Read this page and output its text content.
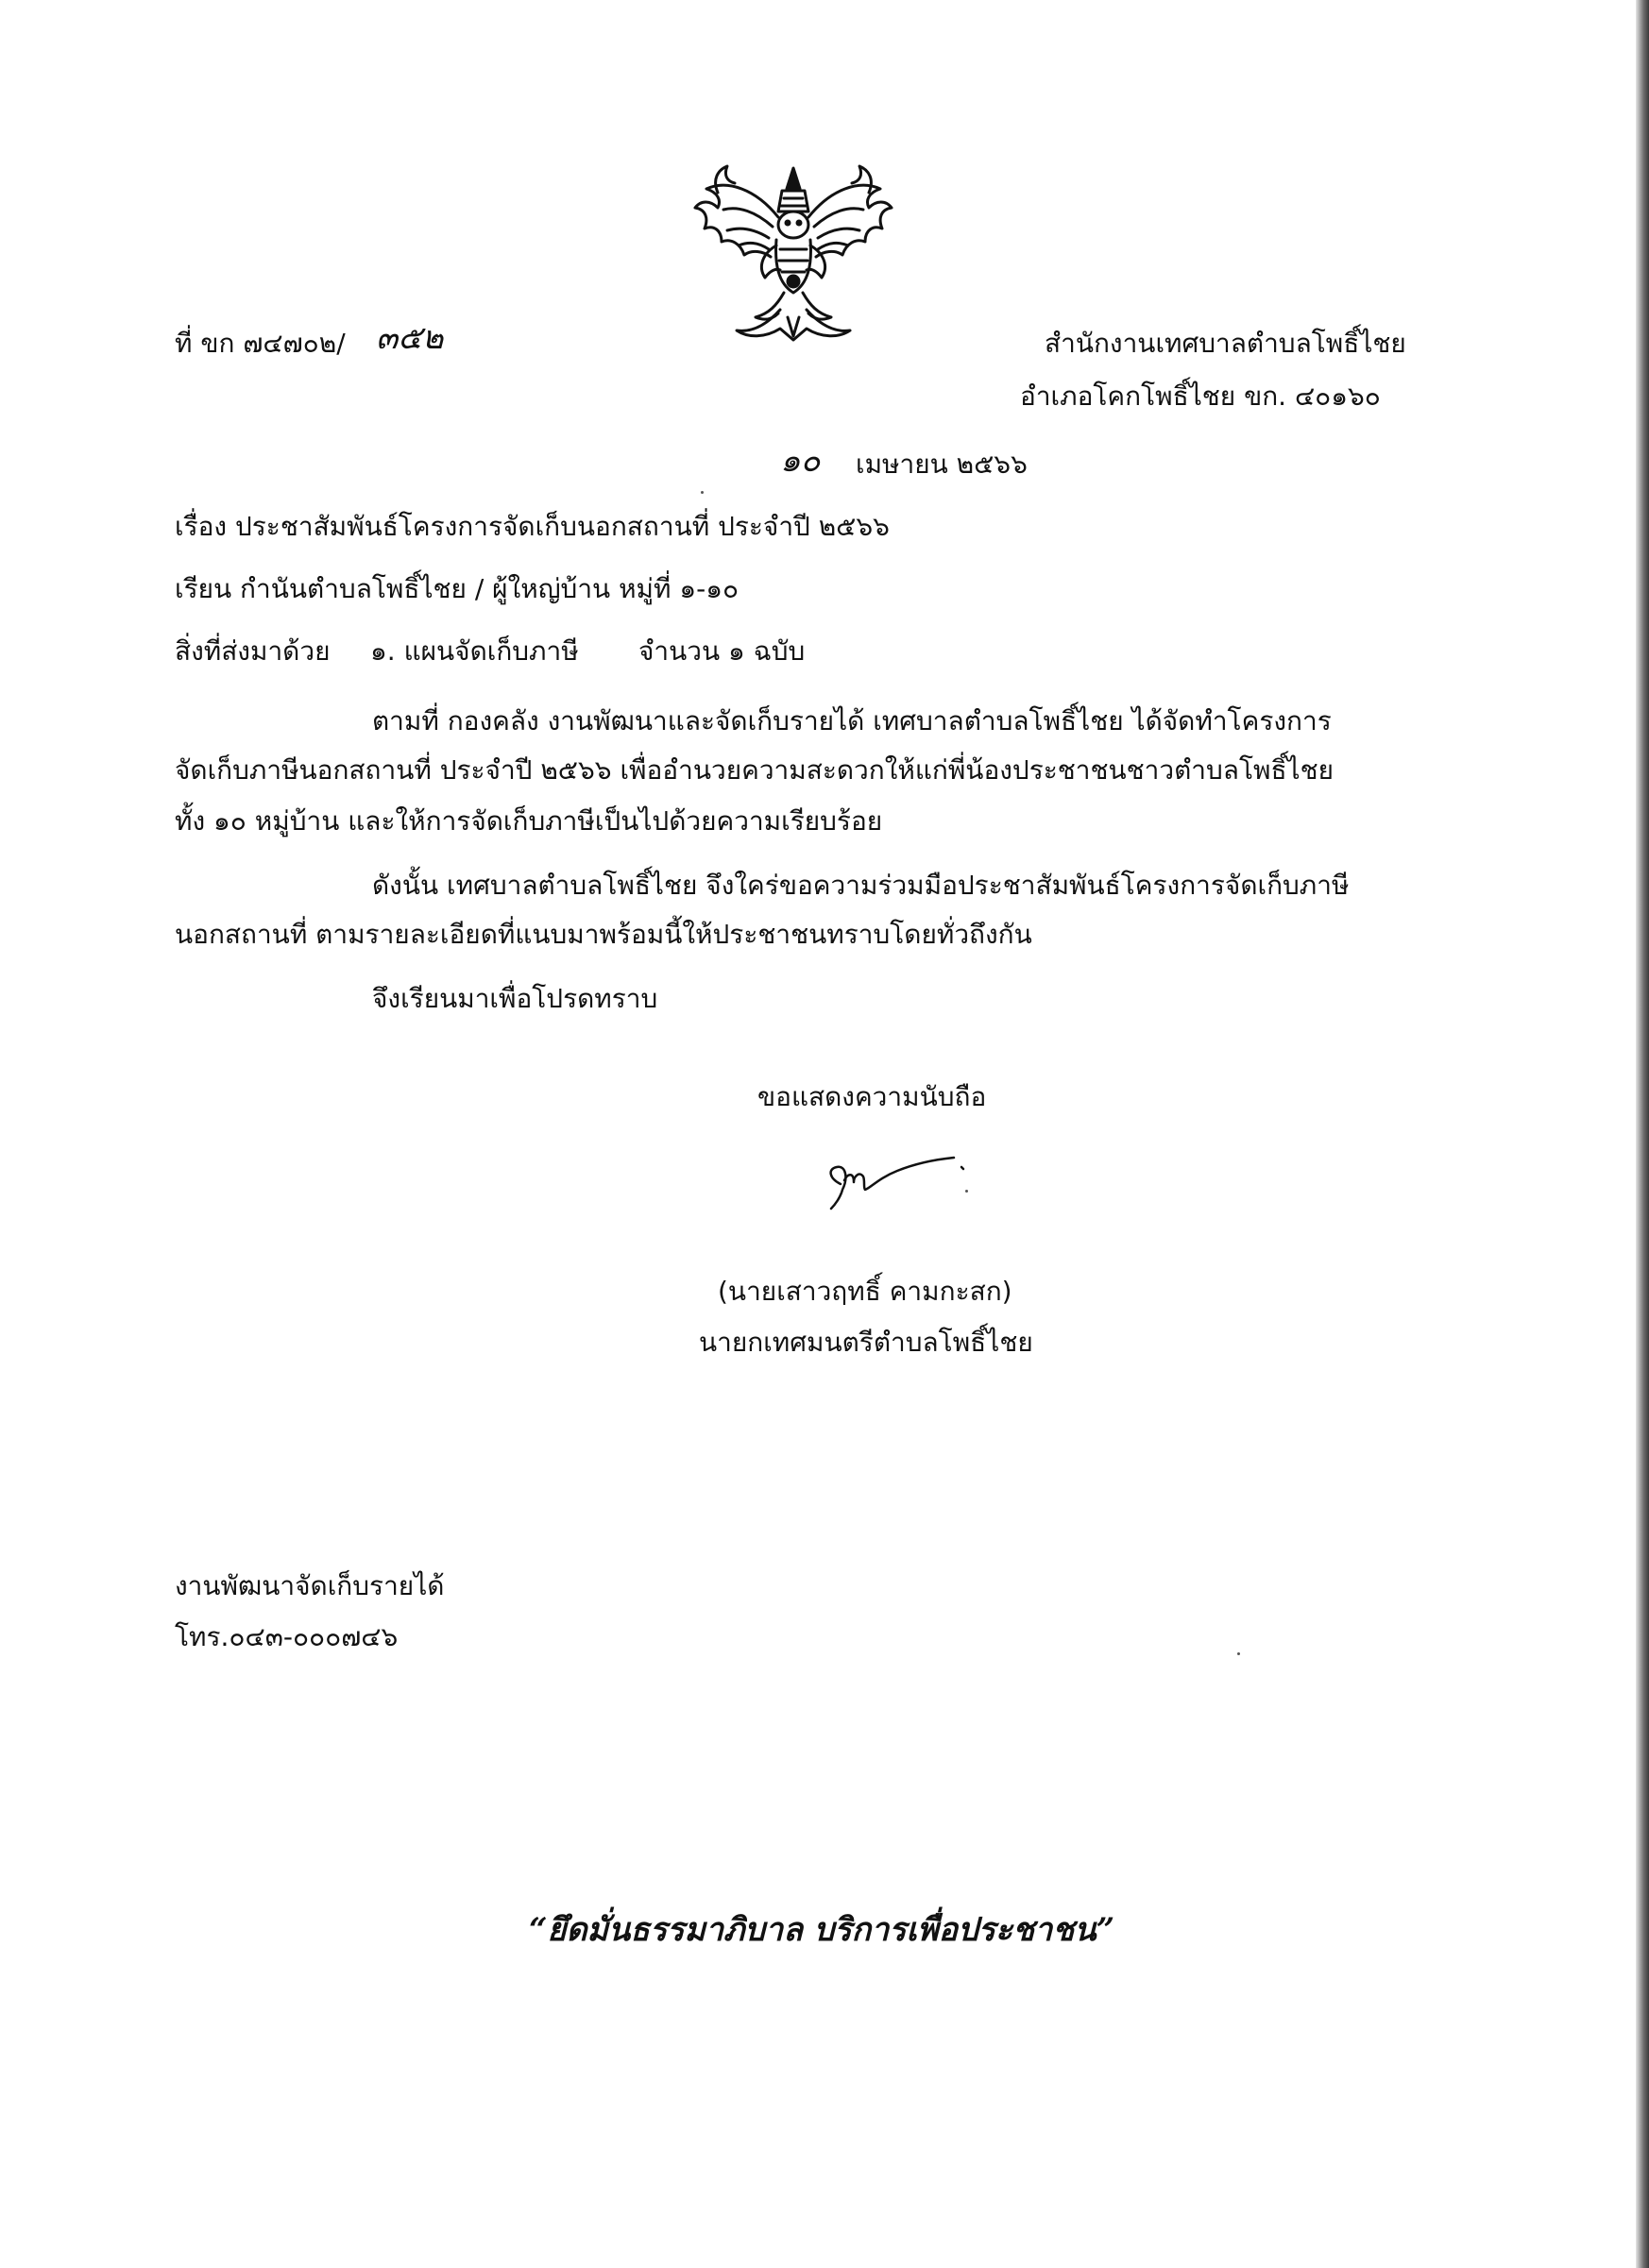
ที่ ขก ๗๔๗๐๒/ ๓๕๒	สำนักงานเทศบาลตำบลโพธิ์ไชย
อำเภอโคกโพธิ์ไชย ขก. ๔๐๑๖๐
๑๐ เมษายน ๒๕๖๖
เรื่อง ประชาสัมพันธ์โครงการจัดเก็บนอกสถานที่ ประจำปี ๒๕๖๖
เรียน กำนันตำบลโพธิ์ไชย / ผู้ใหญ่บ้าน หมู่ที่ ๑-๑๐
สิ่งที่ส่งมาด้วย ๑. แผนจัดเก็บภาษี จำนวน ๑ ฉบับ
ตามที่ กองคลัง งานพัฒนาและจัดเก็บรายได้ เทศบาลตำบลโพธิ์ไชย ได้จัดทำโครงการ
จัดเก็บภาษีนอกสถานที่ ประจำปี ๒๕๖๖ เพื่ออำนวยความสะดวกให้แก่พี่น้องประชาชนชาวตำบลโพธิ์ไชย
ทั้ง ๑๐ หมู่บ้าน และให้การจัดเก็บภาษีเป็นไปด้วยความเรียบร้อย
ดังนั้น เทศบาลตำบลโพธิ์ไชย จึงใคร่ขอความร่วมมือประชาสัมพันธ์โครงการจัดเก็บภาษี
นอกสถานที่ ตามรายละเอียดที่แนบมาพร้อมนี้ให้ประชาชนทราบโดยทั่วถึงกัน
จึงเรียนมาเพื่อโปรดทราบ
ขอแสดงความนับถือ
(นายเสาวฤทธิ์ คามกะสก)
นายกเทศมนตรีตำบลโพธิ์ไชย
งานพัฒนาจัดเก็บรายได้
โทร.๐๔๓-๐๐๐๗๔๖
“ยึดมั่นธรรมาภิบาล บริการเพื่อประชาชน”
